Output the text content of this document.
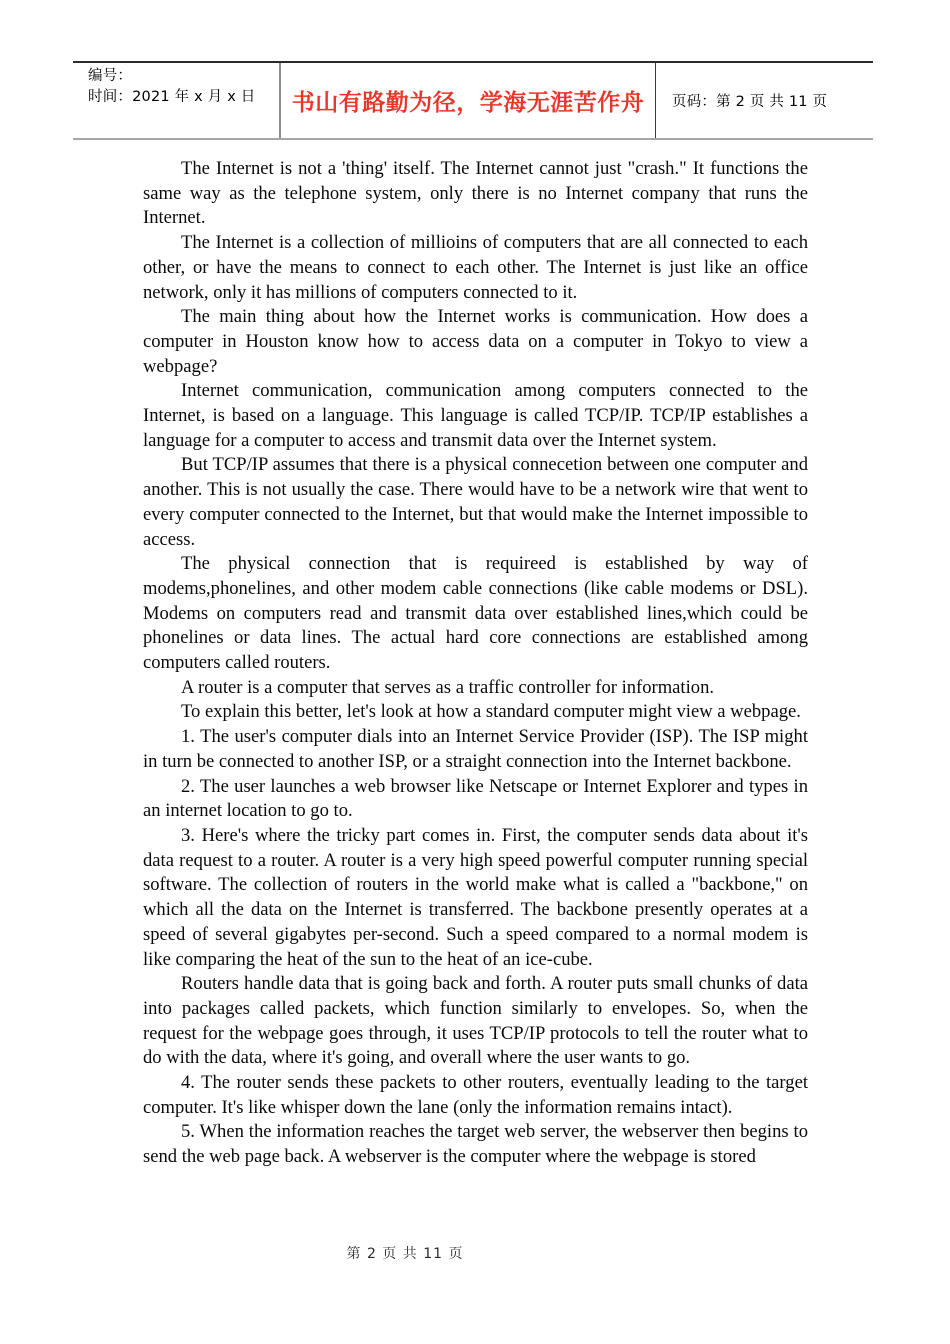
编号：
时间：2021 年 x 月 x 日	书山有路勤为径，学海无涯苦作舟 页码：第 2 页 共 11 页

The Internet is not a 'thing' itself. The Internet cannot just "crash." It functions the same way as the telephone system, only there is no Internet company that runs the Internet.

The Internet is a collection of millioins of computers that are all connected to each other, or have the means to connect to each other. The Internet is just like an office network, only it has millions of computers connected to it.

The main thing about how the Internet works is communication. How does a computer in Houston know how to access data on a computer in Tokyo to view a webpage?

Internet communication, communication among computers connected to the Internet, is based on a language. This language is called TCP/IP. TCP/IP establishes a language for a computer to access and transmit data over the Internet system.

But TCP/IP assumes that there is a physical connecetion between one computer and another. This is not usually the case. There would have to be a network wire that went to every computer connected to the Internet, but that would make the Internet impossible to access.

The physical connection that is requireed is established by way of modems,phonelines, and other modem cable connections (like cable modems or DSL). Modems on computers read and transmit data over established lines,which could be phonelines or data lines. The actual hard core connections are established among computers called routers.

A router is a computer that serves as a traffic controller for information.

To explain this better, let's look at how a standard computer might view a webpage.

1. The user's computer dials into an Internet Service Provider (ISP). The ISP might in turn be connected to another ISP, or a straight connection into the Internet backbone.

2. The user launches a web browser like Netscape or Internet Explorer and types in an internet location to go to.

3. Here's where the tricky part comes in. First, the computer sends data about it's data request to a router. A router is a very high speed powerful computer running special software. The collection of routers in the world make what is called a "backbone," on which all the data on the Internet is transferred. The backbone presently operates at a speed of several gigabytes per-second. Such a speed compared to a normal modem is like comparing the heat of the sun to the heat of an ice-cube.

Routers handle data that is going back and forth. A router puts small chunks of data into packages called packets, which function similarly to envelopes. So, when the request for the webpage goes through, it uses TCP/IP protocols to tell the router what to do with the data, where it's going, and overall where the user wants to go.

4. The router sends these packets to other routers, eventually leading to the target computer. It's like whisper down the lane (only the information remains intact).

5. When the information reaches the target web server, the webserver then begins to send the web page back. A webserver is the computer where the webpage is stored

第 2 页 共 11 页
